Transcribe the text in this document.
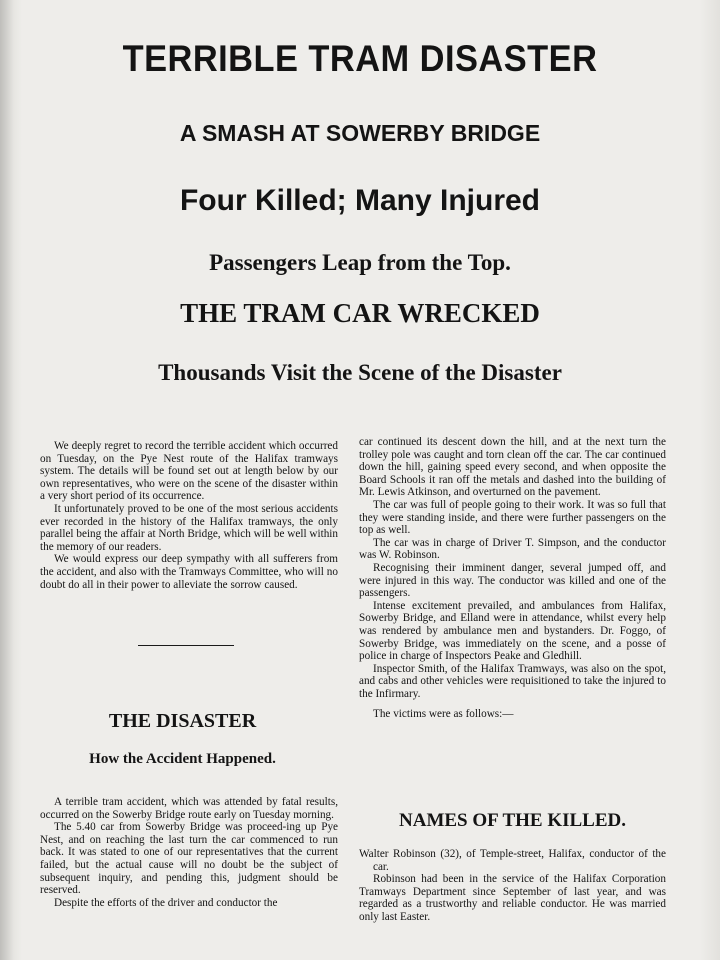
TERRIBLE TRAM DISASTER
A SMASH AT SOWERBY BRIDGE
Four Killed; Many Injured
Passengers Leap from the Top.
THE TRAM CAR WRECKED
Thousands Visit the Scene of the Disaster

We deeply regret to record the terrible accident which occurred on Tuesday, on the Pye Nest route of the Halifax tramways system. The details will be found set out at length below by our own representatives, who were on the scene of the disaster within a very short period of its occurrence.

It unfortunately proved to be one of the most serious accidents ever recorded in the history of the Halifax tramways, the only parallel being the affair at North Bridge, which will be well within the memory of our readers.

We would express our deep sympathy with all sufferers from the accident, and also with the Tramways Committee, who will no doubt do all in their power to alleviate the sorrow caused.

THE DISASTER
How the Accident Happened.

A terrible tram accident, which was attended by fatal results, occurred on the Sowerby Bridge route early on Tuesday morning.

The 5.40 car from Sowerby Bridge was proceed-ing up Pye Nest, and on reaching the last turn the car commenced to run back. It was stated to one of our representatives that the current failed, but the actual cause will no doubt be the subject of subsequent inquiry, and pending this, judgment should be reserved.

Despite the efforts of the driver and conductor the

car continued its descent down the hill, and at the next turn the trolley pole was caught and torn clean off the car. The car continued down the hill, gaining speed every second, and when opposite the Board Schools it ran off the metals and dashed into the building of Mr. Lewis Atkinson, and overturned on the pavement.

The car was full of people going to their work. It was so full that they were standing inside, and there were further passengers on the top as well.

The car was in charge of Driver T. Simpson, and the conductor was W. Robinson.

Recognising their imminent danger, several jumped off, and were injured in this way. The conductor was killed and one of the passengers.

Intense excitement prevailed, and ambulances from Halifax, Sowerby Bridge, and Elland were in attendance, whilst every help was rendered by ambulance men and bystanders. Dr. Foggo, of Sowerby Bridge, was immediately on the scene, and a posse of police in charge of Inspectors Peake and Gledhill.

Inspector Smith, of the Halifax Tramways, was also on the spot, and cabs and other vehicles were requisitioned to take the injured to the Infirmary.

The victims were as follows:—

NAMES OF THE KILLED.

Walter Robinson (32), of Temple-street, Halifax, conductor of the car.

Robinson had been in the service of the Halifax Corporation Tramways Department since September of last year, and was regarded as a trustworthy and reliable conductor. He was married only last Easter.
